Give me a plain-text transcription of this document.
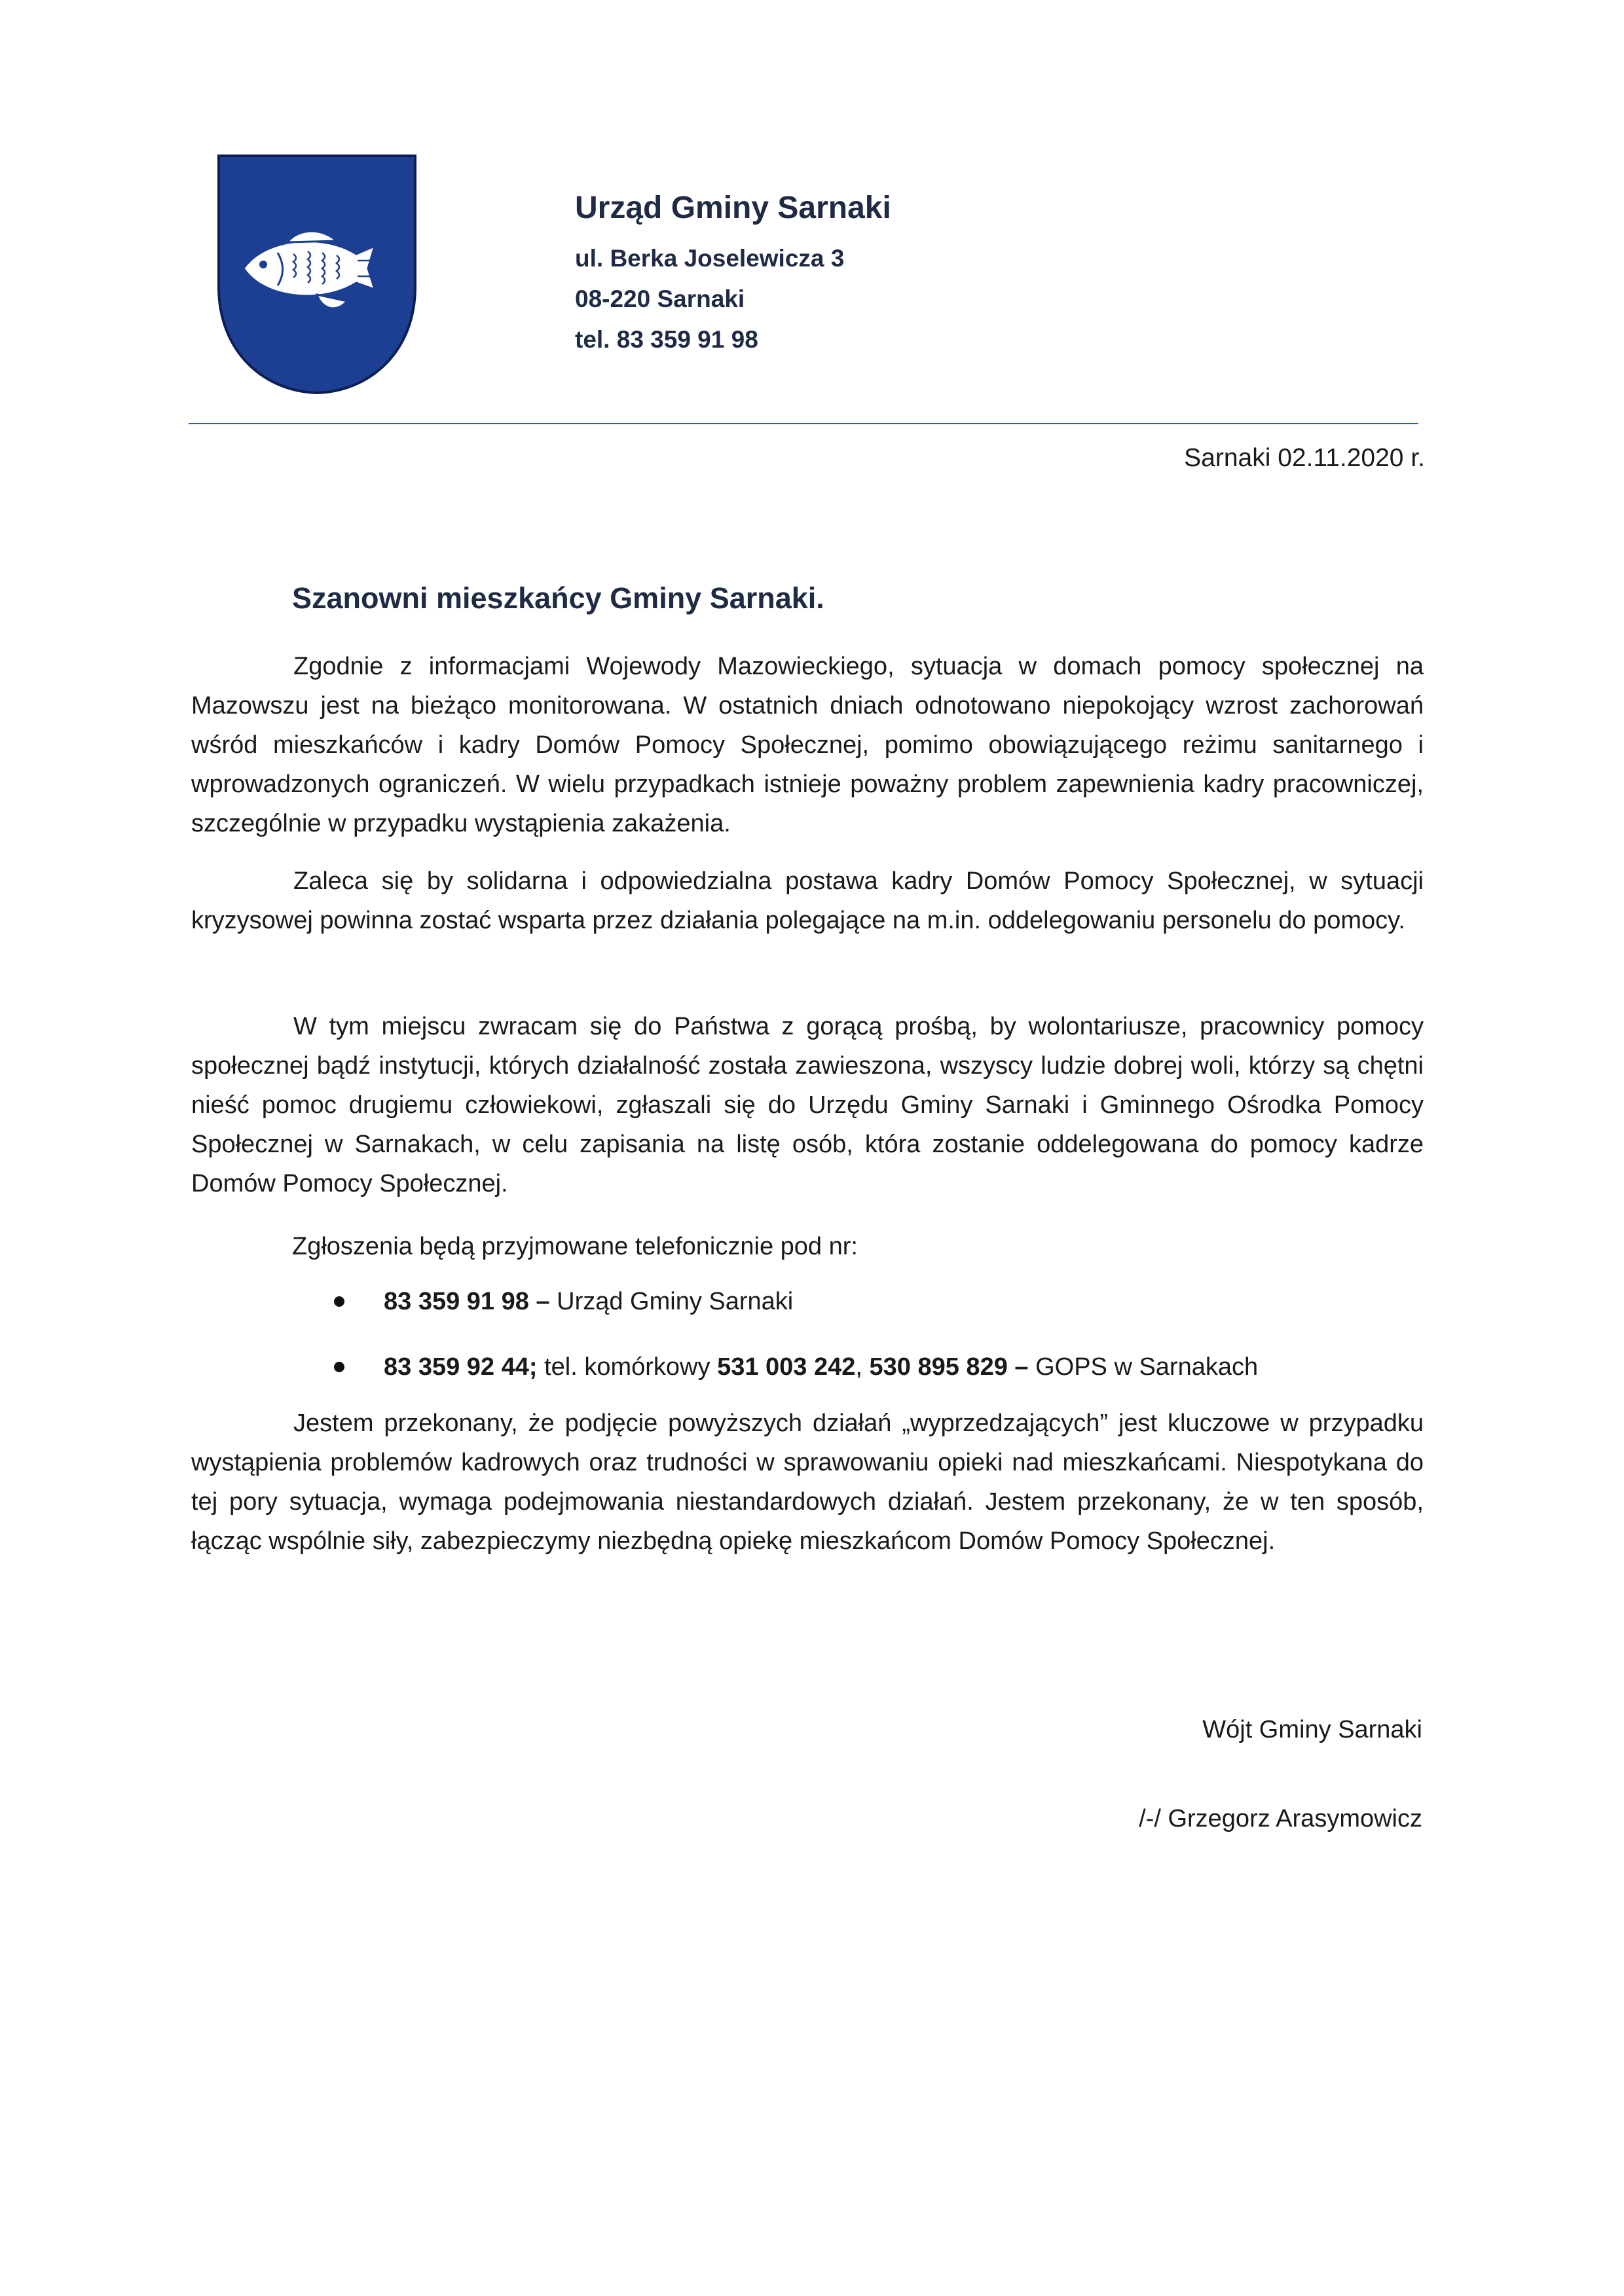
Urząd Gminy Sarnaki

ul. Berka Joselewicza 3

08-220 Sarnaki

tel. 83 359 91 98

Sarnaki 02.11.2020 r.

Szanowni mieszkańcy Gminy Sarnaki.

Zgodnie z informacjami Wojewody Mazowieckiego, sytuacja w domach pomocy społecznej na Mazowszu jest na bieżąco monitorowana. W ostatnich dniach odnotowano niepokojący wzrost zachorowań wśród mieszkańców i kadry Domów Pomocy Społecznej, pomimo obowiązującego reżimu sanitarnego i wprowadzonych ograniczeń. W wielu przypadkach istnieje poważny problem zapewnienia kadry pracowniczej, szczególnie w przypadku wystąpienia zakażenia.

Zaleca się by solidarna i odpowiedzialna postawa kadry Domów Pomocy Społecznej, w sytuacji kryzysowej powinna zostać wsparta przez działania polegające na m.in. oddelegowaniu personelu do pomocy.

W tym miejscu zwracam się do Państwa z gorącą prośbą, by wolontariusze, pracownicy pomocy społecznej bądź instytucji, których działalność została zawieszona, wszyscy ludzie dobrej woli, którzy są chętni nieść pomoc drugiemu człowiekowi, zgłaszali się do Urzędu Gminy Sarnaki i Gminnego Ośrodka Pomocy Społecznej w Sarnakach, w celu zapisania na listę osób, która zostanie oddelegowana do pomocy kadrze Domów Pomocy Społecznej.

Zgłoszenia będą przyjmowane telefonicznie pod nr:

83 359 91 98 – Urząd Gminy Sarnaki
83 359 92 44; tel. komórkowy 531 003 242, 530 895 829 – GOPS w Sarnakach

Jestem przekonany, że podjęcie powyższych działań „wyprzedzających” jest kluczowe w przypadku wystąpienia problemów kadrowych oraz trudności w sprawowaniu opieki nad mieszkańcami. Niespotykana do tej pory sytuacja, wymaga podejmowania niestandardowych działań. Jestem przekonany, że w ten sposób, łącząc wspólnie siły, zabezpieczymy niezbędną opiekę mieszkańcom Domów Pomocy Społecznej.

Wójt Gminy Sarnaki

/-/ Grzegorz Arasymowicz
